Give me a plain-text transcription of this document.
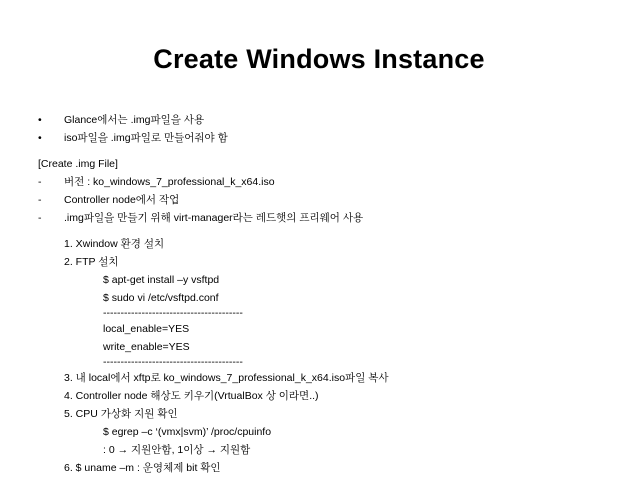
Create Windows Instance
• Glance에서는 .img파일을 사용
• iso파일을 .img파일로 만들어줘야 함
[Create .img File]
- 버전 : ko_windows_7_professional_k_x64.iso
- Controller node에서 작업
- .img파일을 만들기 위해 virt-manager라는 레드햇의 프리웨어 사용
1. Xwindow 환경 설치
2. FTP 설치
$ apt-get install –y vsftpd
$ sudo vi /etc/vsftpd.conf
----------------------------------------
local_enable=YES
write_enable=YES
----------------------------------------
3. 내 local에서 xftp로 ko_windows_7_professional_k_x64.iso파일 복사
4. Controller node 해상도 키우기(VrtualBox 상 이라면..)
5. CPU 가상화 지원 확인
$ egrep –c ‘(vmx|svm)’ /proc/cpuinfo
: 0 → 지원안함, 1이상 → 지원함
6. $ uname –m : 운영체제 bit 확인
